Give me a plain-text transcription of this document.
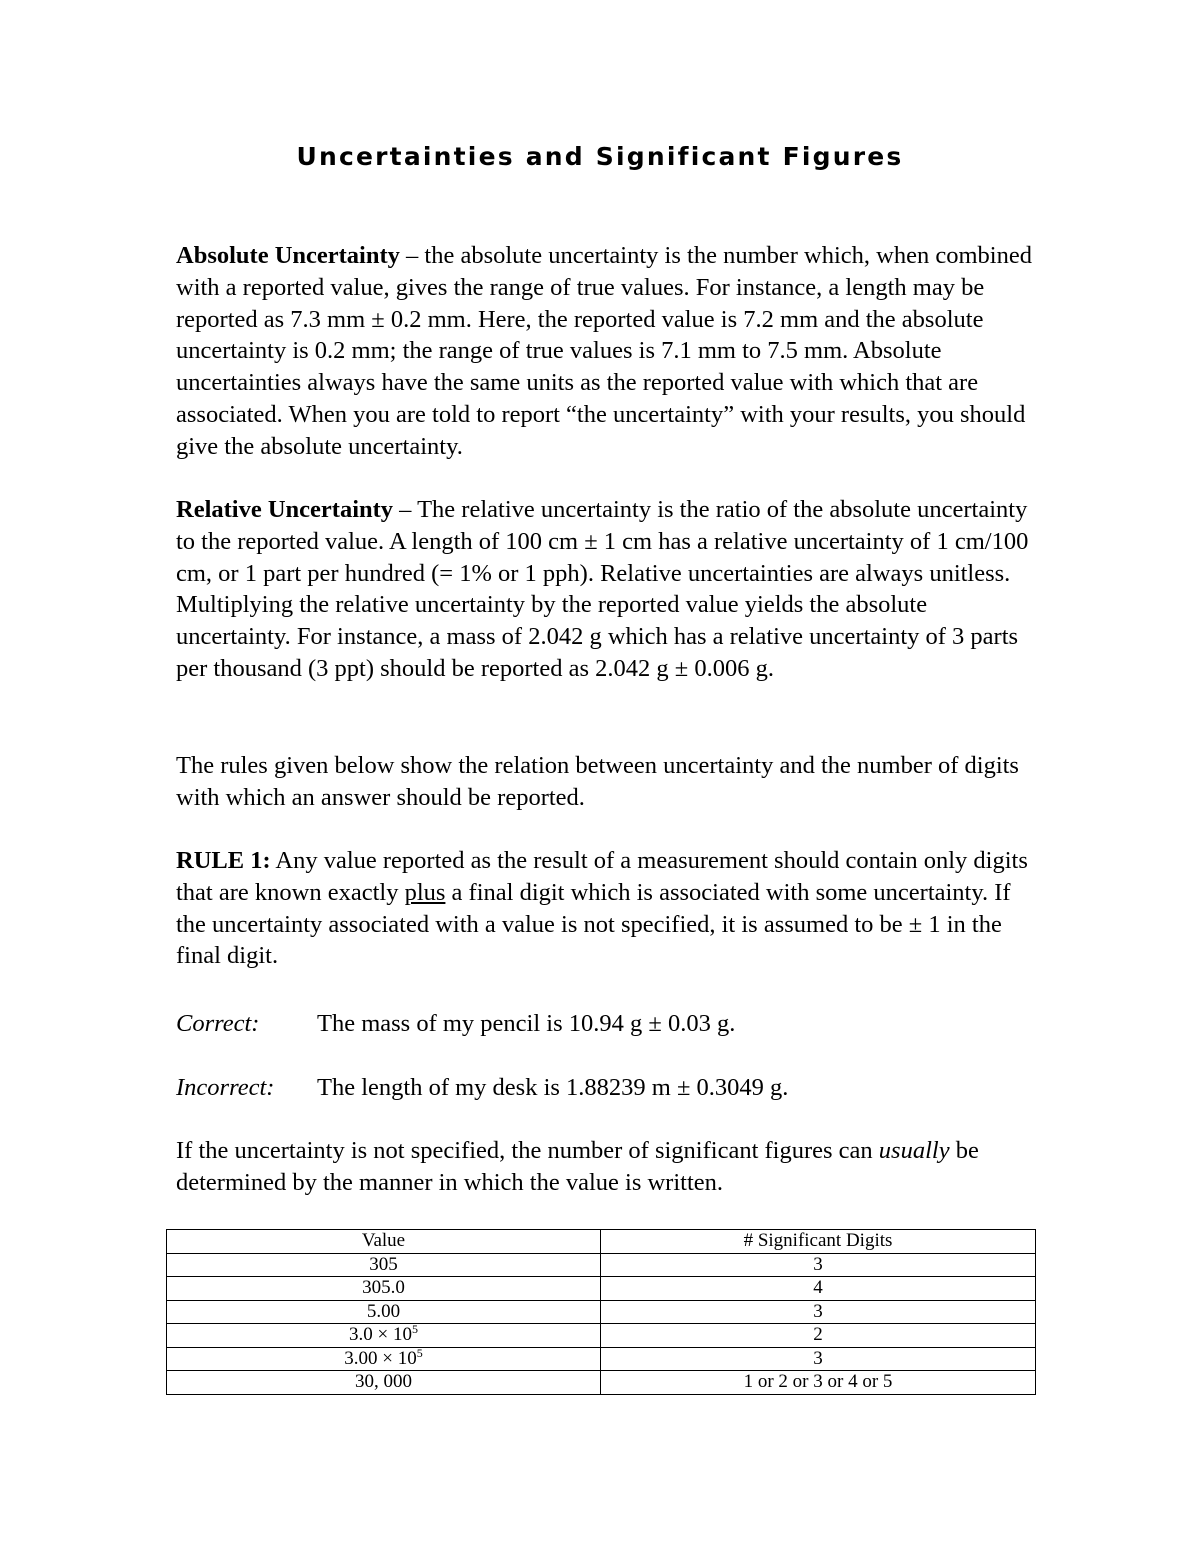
Uncertainties and Significant Figures

Absolute Uncertainty – the absolute uncertainty is the number which, when combined with a reported value, gives the range of true values. For instance, a length may be reported as 7.3 mm ± 0.2 mm. Here, the reported value is 7.2 mm and the absolute uncertainty is 0.2 mm; the range of true values is 7.1 mm to 7.5 mm. Absolute uncertainties always have the same units as the reported value with which that are associated. When you are told to report “the uncertainty” with your results, you should give the absolute uncertainty.

Relative Uncertainty – The relative uncertainty is the ratio of the absolute uncertainty to the reported value. A length of 100 cm ± 1 cm has a relative uncertainty of 1 cm/100 cm, or 1 part per hundred (= 1% or 1 pph). Relative uncertainties are always unitless. Multiplying the relative uncertainty by the reported value yields the absolute uncertainty. For instance, a mass of 2.042 g which has a relative uncertainty of 3 parts per thousand (3 ppt) should be reported as 2.042 g ± 0.006 g.

The rules given below show the relation between uncertainty and the number of digits with which an answer should be reported.

RULE 1: Any value reported as the result of a measurement should contain only digits that are known exactly plus a final digit which is associated with some uncertainty. If the uncertainty associated with a value is not specified, it is assumed to be ± 1 in the final digit.

Correct: The mass of my pencil is 10.94 g ± 0.03 g.
Incorrect: The length of my desk is 1.88239 m ± 0.3049 g.

If the uncertainty is not specified, the number of significant figures can usually be determined by the manner in which the value is written.

Value	# Significant Digits
305	3
305.0	4
5.00	3
$3.0 \times 10^5$	2
$3.00 \times 10^5$	3
30, 000	1 or 2 or 3 or 4 or 5
